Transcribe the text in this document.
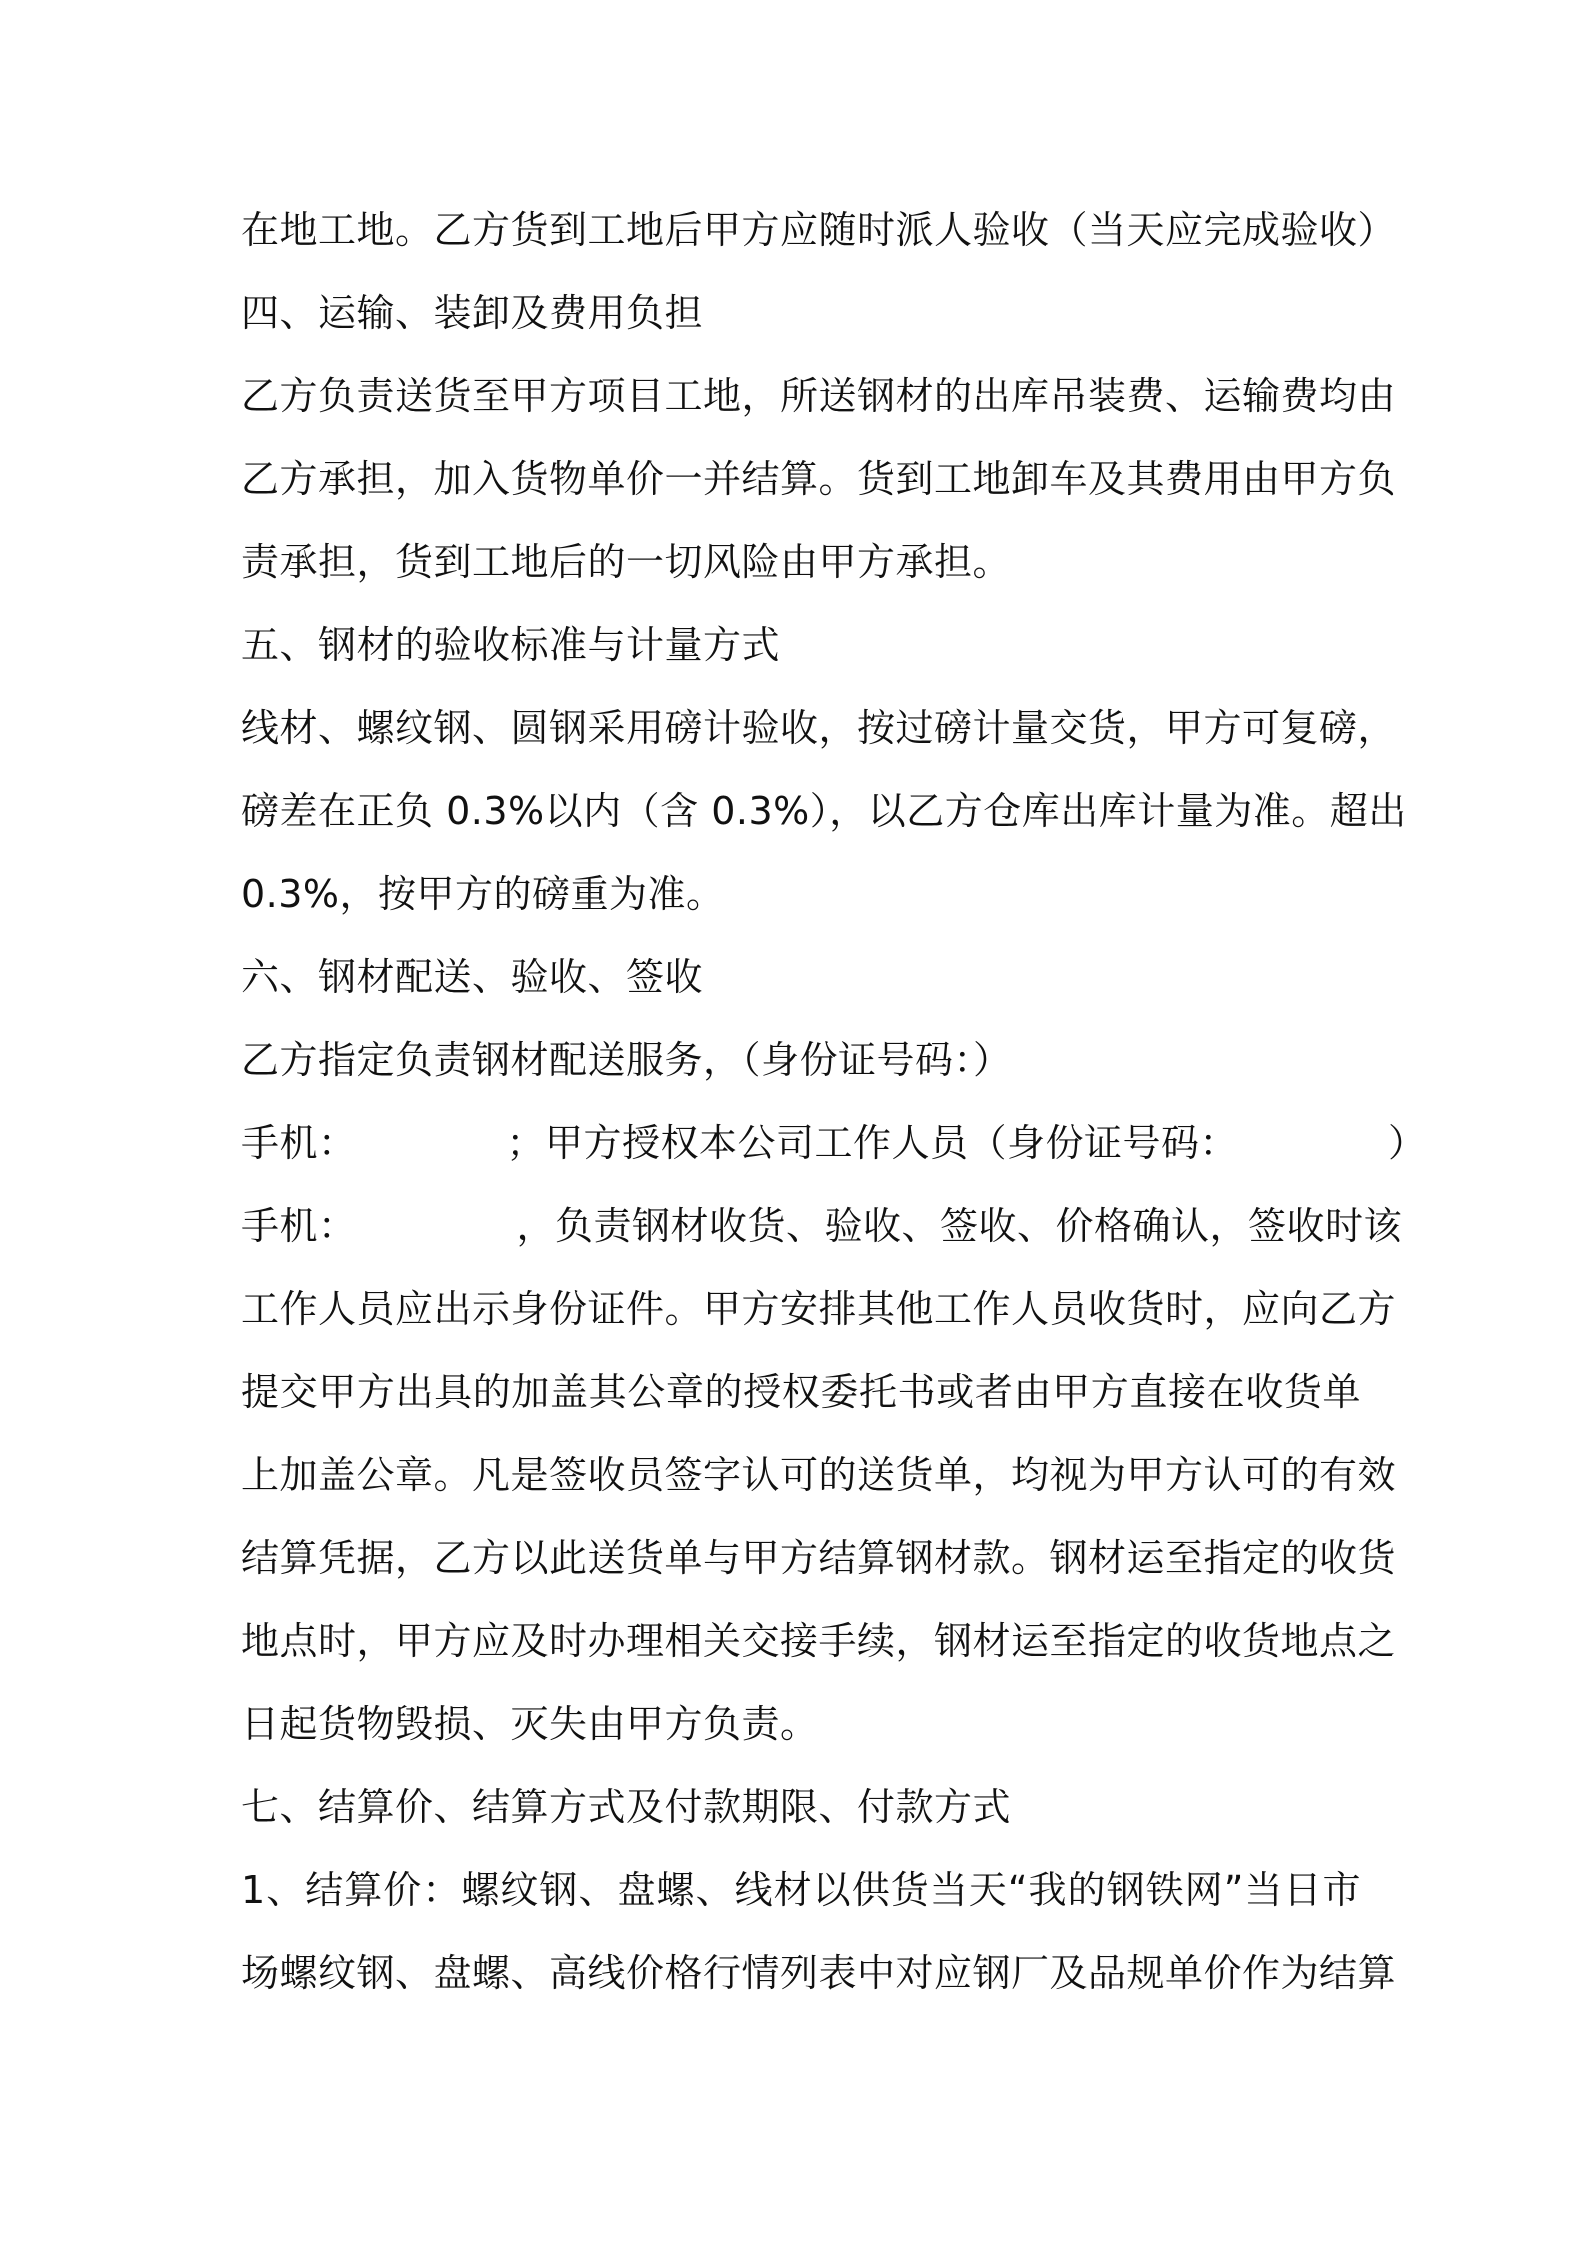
在地工地。乙方货到工地后甲方应随时派人验收（当天应完成验收）
四、运输、装卸及费用负担
乙方负责送货至甲方项目工地，所送钢材的出库吊装费、运输费均由
乙方承担，加入货物单价一并结算。货到工地卸车及其费用由甲方负
责承担，货到工地后的一切风险由甲方承担。
五、钢材的验收标准与计量方式
线材、螺纹钢、圆钢采用磅计验收，按过磅计量交货，甲方可复磅，
磅差在正负 0.3%以内（含 0.3%），以乙方仓库出库计量为准。超出
0.3%，按甲方的磅重为准。
六、钢材配送、验收、签收
乙方指定负责钢材配送服务，（身份证号码：）
手机：	；甲方授权本公司工作人员（身份证号码：	）
手机：	，负责钢材收货、验收、签收、价格确认，签收时该
工作人员应出示身份证件。甲方安排其他工作人员收货时，应向乙方
提交甲方出具的加盖其公章的授权委托书或者由甲方直接在收货单
上加盖公章。凡是签收员签字认可的送货单，均视为甲方认可的有效
结算凭据，乙方以此送货单与甲方结算钢材款。钢材运至指定的收货
地点时，甲方应及时办理相关交接手续，钢材运至指定的收货地点之
日起货物毁损、灭失由甲方负责。
七、结算价、结算方式及付款期限、付款方式
1、结算价：螺纹钢、盘螺、线材以供货当天“我的钢铁网”当日市
场螺纹钢、盘螺、高线价格行情列表中对应钢厂及品规单价作为结算
